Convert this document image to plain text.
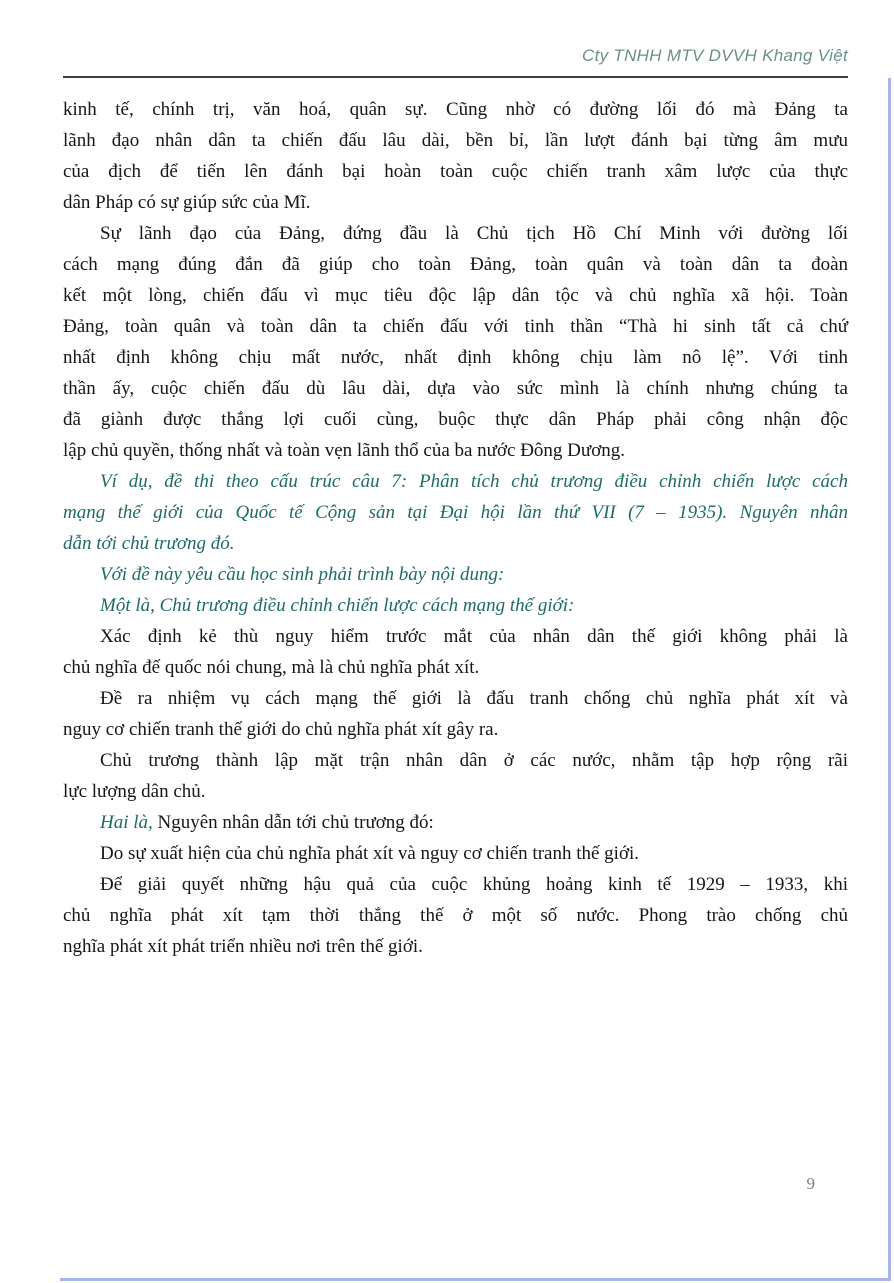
Cty TNHH MTV DVVH Khang Việt
kinh tế, chính trị, văn hoá, quân sự. Cũng nhờ có đường lối đó mà Đảng ta
lãnh đạo nhân dân ta chiến đấu lâu dài, bền bỉ, lần lượt đánh bại từng âm mưu
của địch để tiến lên đánh bại hoàn toàn cuộc chiến tranh xâm lược của thực
dân Pháp có sự giúp sức của Mĩ.
Sự lãnh đạo của Đảng, đứng đầu là Chủ tịch Hồ Chí Minh với đường lối
cách mạng đúng đắn đã giúp cho toàn Đảng, toàn quân và toàn dân ta đoàn
kết một lòng, chiến đấu vì mục tiêu độc lập dân tộc và chủ nghĩa xã hội. Toàn
Đảng, toàn quân và toàn dân ta chiến đấu với tinh thần “Thà hi sinh tất cả chứ
nhất định không chịu mất nước, nhất định không chịu làm nô lệ”. Với tinh
thần ấy, cuộc chiến đấu dù lâu dài, dựa vào sức mình là chính nhưng chúng ta
đã giành được thắng lợi cuối cùng, buộc thực dân Pháp phải công nhận độc
lập chủ quyền, thống nhất và toàn vẹn lãnh thổ của ba nước Đông Dương.
Ví dụ, đề thi theo cấu trúc câu 7: Phân tích chủ trương điều chỉnh chiến lược cách
mạng thế giới của Quốc tế Cộng sản tại Đại hội lần thứ VII (7 – 1935). Nguyên nhân
dẫn tới chủ trương đó.
Với đề này yêu cầu học sinh phải trình bày nội dung:
Một là, Chủ trương điều chỉnh chiến lược cách mạng thế giới:
Xác định kẻ thù nguy hiểm trước mắt của nhân dân thế giới không phải là
chủ nghĩa đế quốc nói chung, mà là chủ nghĩa phát xít.
Đề ra nhiệm vụ cách mạng thế giới là đấu tranh chống chủ nghĩa phát xít và
nguy cơ chiến tranh thế giới do chủ nghĩa phát xít gây ra.
Chủ trương thành lập mặt trận nhân dân ở các nước, nhằm tập hợp rộng rãi
lực lượng dân chủ.
Hai là, Nguyên nhân dẫn tới chủ trương đó:
Do sự xuất hiện của chủ nghĩa phát xít và nguy cơ chiến tranh thế giới.
Để giải quyết những hậu quả của cuộc khủng hoảng kinh tế 1929 – 1933, khi
chủ nghĩa phát xít tạm thời thắng thế ở một số nước. Phong trào chống chủ
nghĩa phát xít phát triển nhiều nơi trên thế giới.
9
